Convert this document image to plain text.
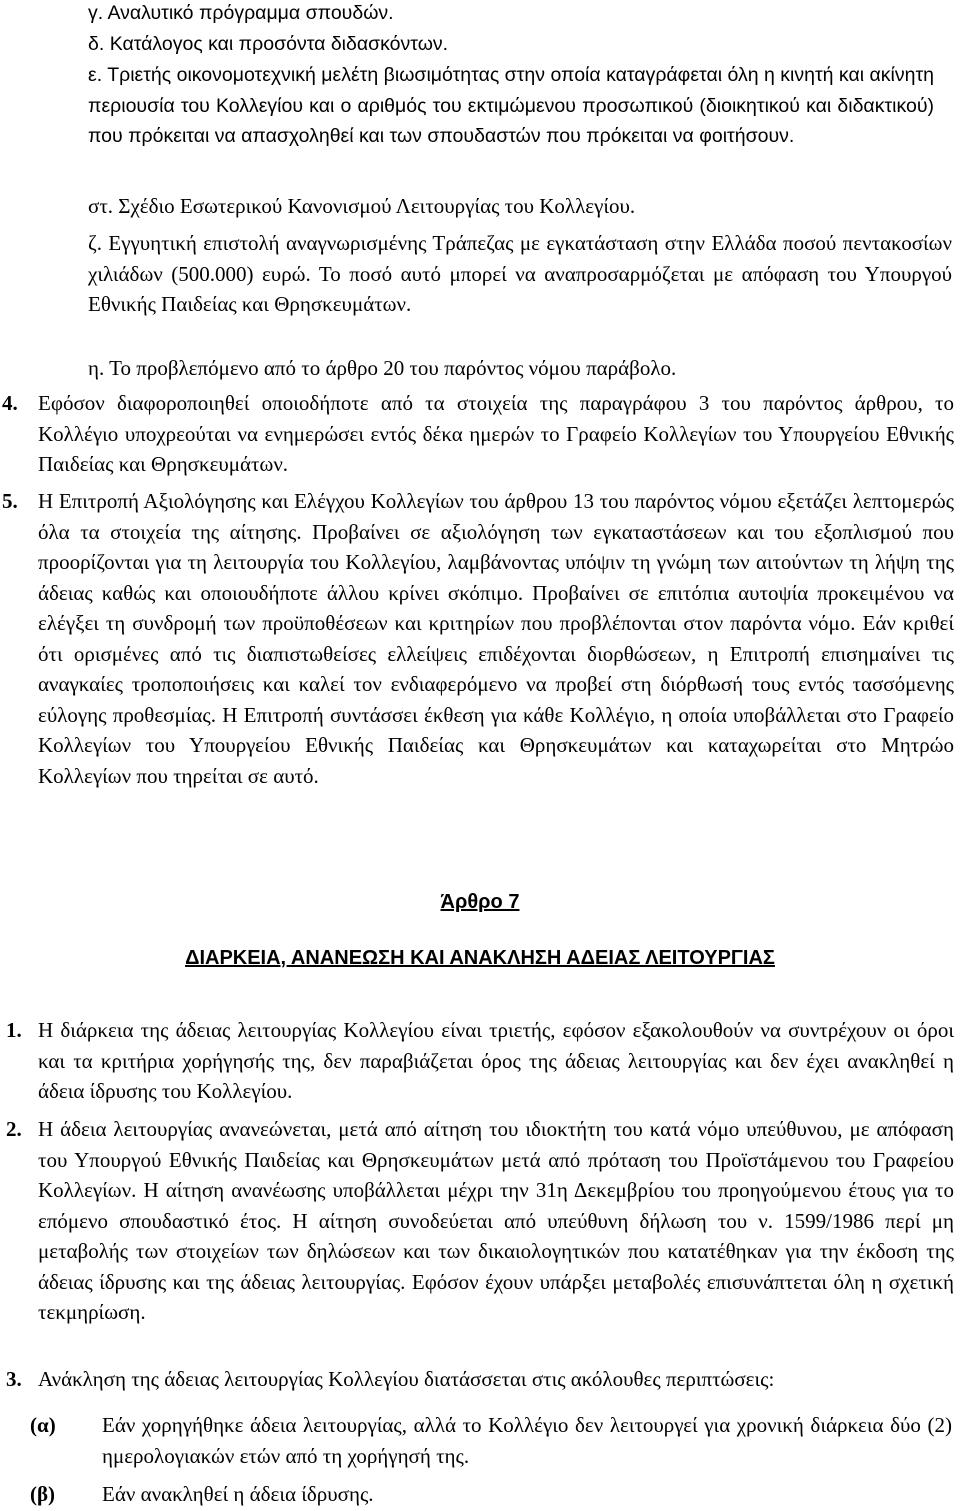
γ. Αναλυτικό πρόγραμμα σπουδών.
δ. Κατάλογος και προσόντα διδασκόντων.
ε. Τριετής οικονομοτεχνική μελέτη βιωσιμότητας στην οποία καταγράφεται όλη η κινητή και ακίνητη περιουσία του Κολλεγίου και ο αριθμός του εκτιμώμενου προσωπικού (διοικητικού και διδακτικού) που πρόκειται να απασχοληθεί και των σπουδαστών που πρόκειται να φοιτήσουν.
στ. Σχέδιο Εσωτερικού Κανονισμού Λειτουργίας του Κολλεγίου.
ζ. Εγγυητική επιστολή αναγνωρισμένης Τράπεζας με εγκατάσταση στην Ελλάδα ποσού πεντακοσίων χιλιάδων (500.000) ευρώ. Το ποσό αυτό μπορεί να αναπροσαρμόζεται με απόφαση του Υπουργού Εθνικής Παιδείας και Θρησκευμάτων.
η. Το προβλεπόμενο από το άρθρο 20 του παρόντος νόμου παράβολο.
4. Εφόσον διαφοροποιηθεί οποιοδήποτε από τα στοιχεία της παραγράφου 3 του παρόντος άρθρου, το Κολλέγιο υποχρεούται να ενημερώσει εντός δέκα ημερών το Γραφείο Κολλεγίων του Υπουργείου Εθνικής Παιδείας και Θρησκευμάτων.
5. Η Επιτροπή Αξιολόγησης και Ελέγχου Κολλεγίων του άρθρου 13 του παρόντος νόμου εξετάζει λεπτομερώς όλα τα στοιχεία της αίτησης. Προβαίνει σε αξιολόγηση των εγκαταστάσεων και του εξοπλισμού που προορίζονται για τη λειτουργία του Κολλεγίου, λαμβάνοντας υπόψιν τη γνώμη των αιτούντων τη λήψη της άδειας καθώς και οποιουδήποτε άλλου κρίνει σκόπιμο. Προβαίνει σε επιτόπια αυτοψία προκειμένου να ελέγξει τη συνδρομή των προϋποθέσεων και κριτηρίων που προβλέπονται στον παρόντα νόμο. Εάν κριθεί ότι ορισμένες από τις διαπιστωθείσες ελλείψεις επιδέχονται διορθώσεων, η Επιτροπή επισημαίνει τις αναγκαίες τροποποιήσεις και καλεί τον ενδιαφερόμενο να προβεί στη διόρθωσή τους εντός τασσόμενης εύλογης προθεσμίας. Η Επιτροπή συντάσσει έκθεση για κάθε Κολλέγιο, η οποία υποβάλλεται στο Γραφείο Κολλεγίων του Υπουργείου Εθνικής Παιδείας και Θρησκευμάτων και καταχωρείται στο Μητρώο Κολλεγίων που τηρείται σε αυτό.
Άρθρο 7
ΔΙΑΡΚΕΙΑ, ΑΝΑΝΕΩΣΗ ΚΑΙ ΑΝΑΚΛΗΣΗ ΑΔΕΙΑΣ ΛΕΙΤΟΥΡΓΙΑΣ
1. Η διάρκεια της άδειας λειτουργίας Κολλεγίου είναι τριετής, εφόσον εξακολουθούν να συντρέχουν οι όροι και τα κριτήρια χορήγησής της, δεν παραβιάζεται όρος της άδειας λειτουργίας και δεν έχει ανακληθεί η άδεια ίδρυσης του Κολλεγίου.
2. Η άδεια λειτουργίας ανανεώνεται, μετά από αίτηση του ιδιοκτήτη του κατά νόμο υπεύθυνου, με απόφαση του Υπουργού Εθνικής Παιδείας και Θρησκευμάτων μετά από πρόταση του Προϊστάμενου του Γραφείου Κολλεγίων. Η αίτηση ανανέωσης υποβάλλεται μέχρι την 31η Δεκεμβρίου του προηγούμενου έτους για το επόμενο σπουδαστικό έτος. Η αίτηση συνοδεύεται από υπεύθυνη δήλωση του ν. 1599/1986 περί μη μεταβολής των στοιχείων των δηλώσεων και των δικαιολογητικών που κατατέθηκαν για την έκδοση της άδειας ίδρυσης και της άδειας λειτουργίας. Εφόσον έχουν υπάρξει μεταβολές επισυνάπτεται όλη η σχετική τεκμηρίωση.
3. Ανάκληση της άδειας λειτουργίας Κολλεγίου διατάσσεται στις ακόλουθες περιπτώσεις:
(α) Εάν χορηγήθηκε άδεια λειτουργίας, αλλά το Κολλέγιο δεν λειτουργεί για χρονική διάρκεια δύο (2) ημερολογιακών ετών από τη χορήγησή της.
(β) Εάν ανακληθεί η άδεια ίδρυσης.
